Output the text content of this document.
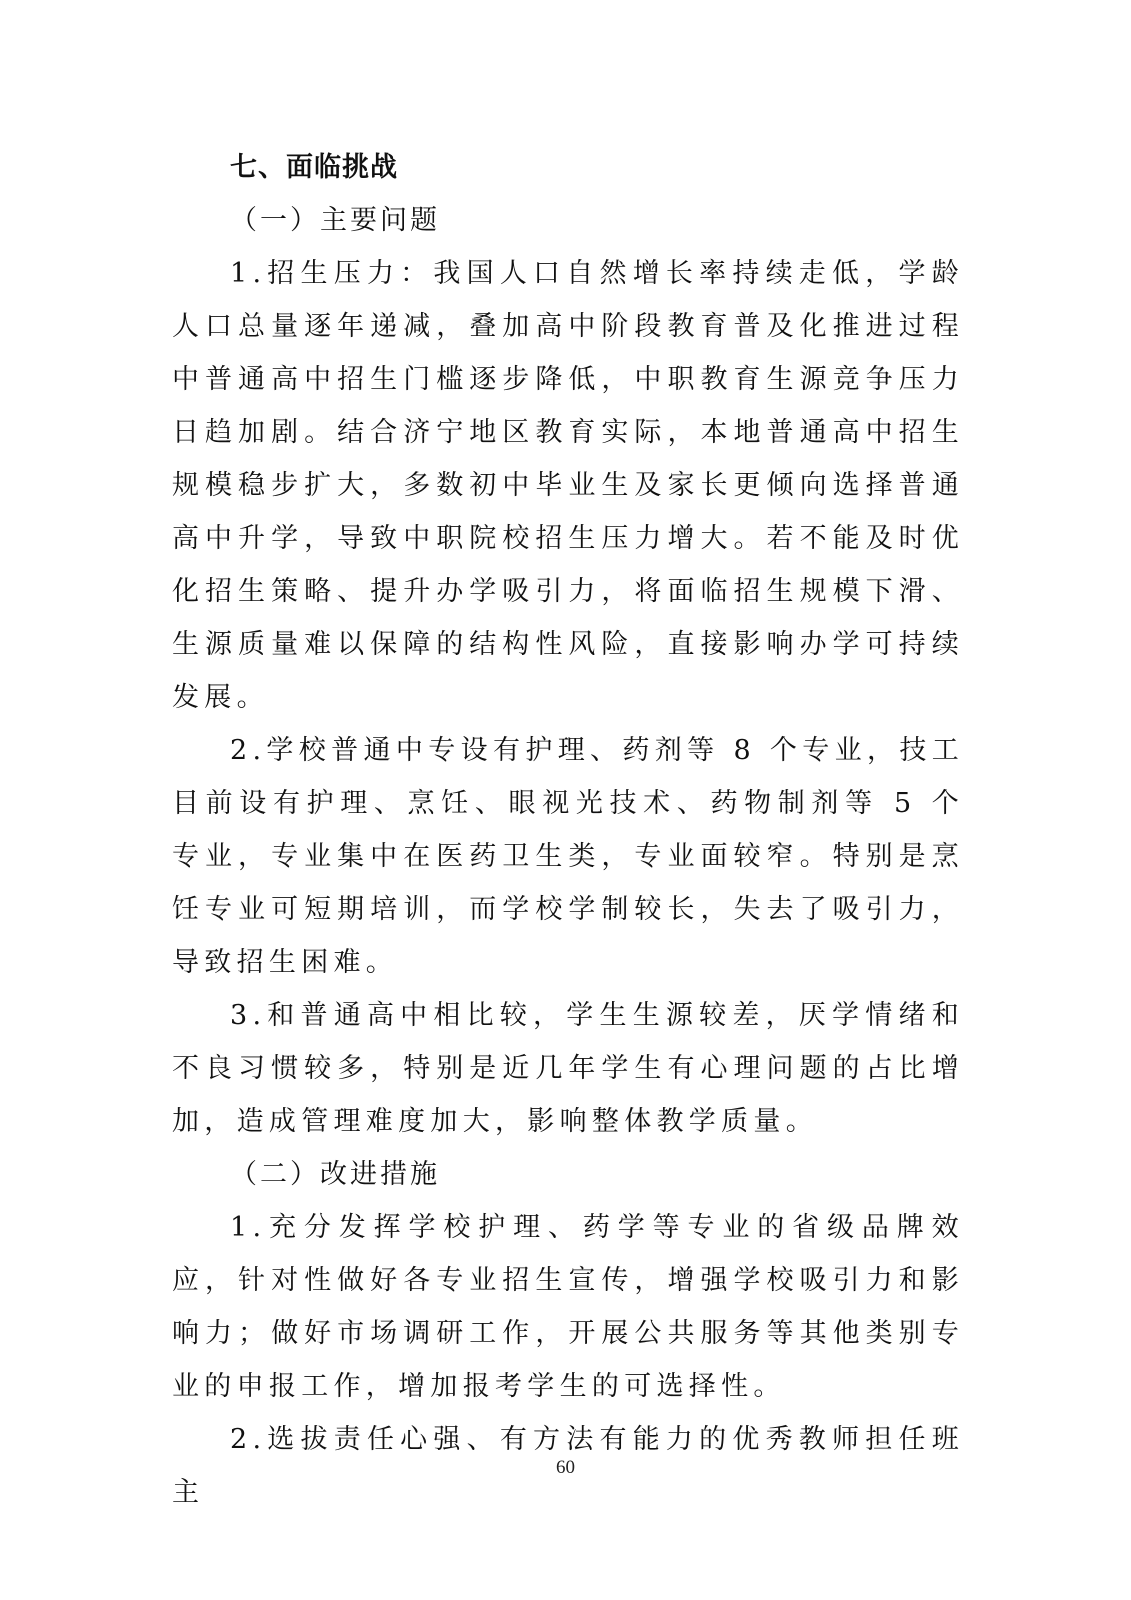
七、面临挑战
（一）主要问题

1.招生压力：我国人口自然增长率持续走低，学龄人口总量逐年递减，叠加高中阶段教育普及化推进过程中普通高中招生门槛逐步降低，中职教育生源竞争压力日趋加剧。结合济宁地区教育实际，本地普通高中招生规模稳步扩大，多数初中毕业生及家长更倾向选择普通高中升学，导致中职院校招生压力增大。若不能及时优化招生策略、提升办学吸引力，将面临招生规模下滑、生源质量难以保障的结构性风险，直接影响办学可持续发展。

2.学校普通中专设有护理、药剂等 8 个专业，技工目前设有护理、烹饪、眼视光技术、药物制剂等 5 个专业，专业集中在医药卫生类，专业面较窄。特别是烹饪专业可短期培训，而学校学制较长，失去了吸引力，导致招生困难。

3.和普通高中相比较，学生生源较差，厌学情绪和不良习惯较多，特别是近几年学生有心理问题的占比增加，造成管理难度加大，影响整体教学质量。

（二）改进措施

1.充分发挥学校护理、药学等专业的省级品牌效应，针对性做好各专业招生宣传，增强学校吸引力和影响力；做好市场调研工作，开展公共服务等其他类别专业的申报工作，增加报考学生的可选择性。

2.选拔责任心强、有方法有能力的优秀教师担任班主

60
